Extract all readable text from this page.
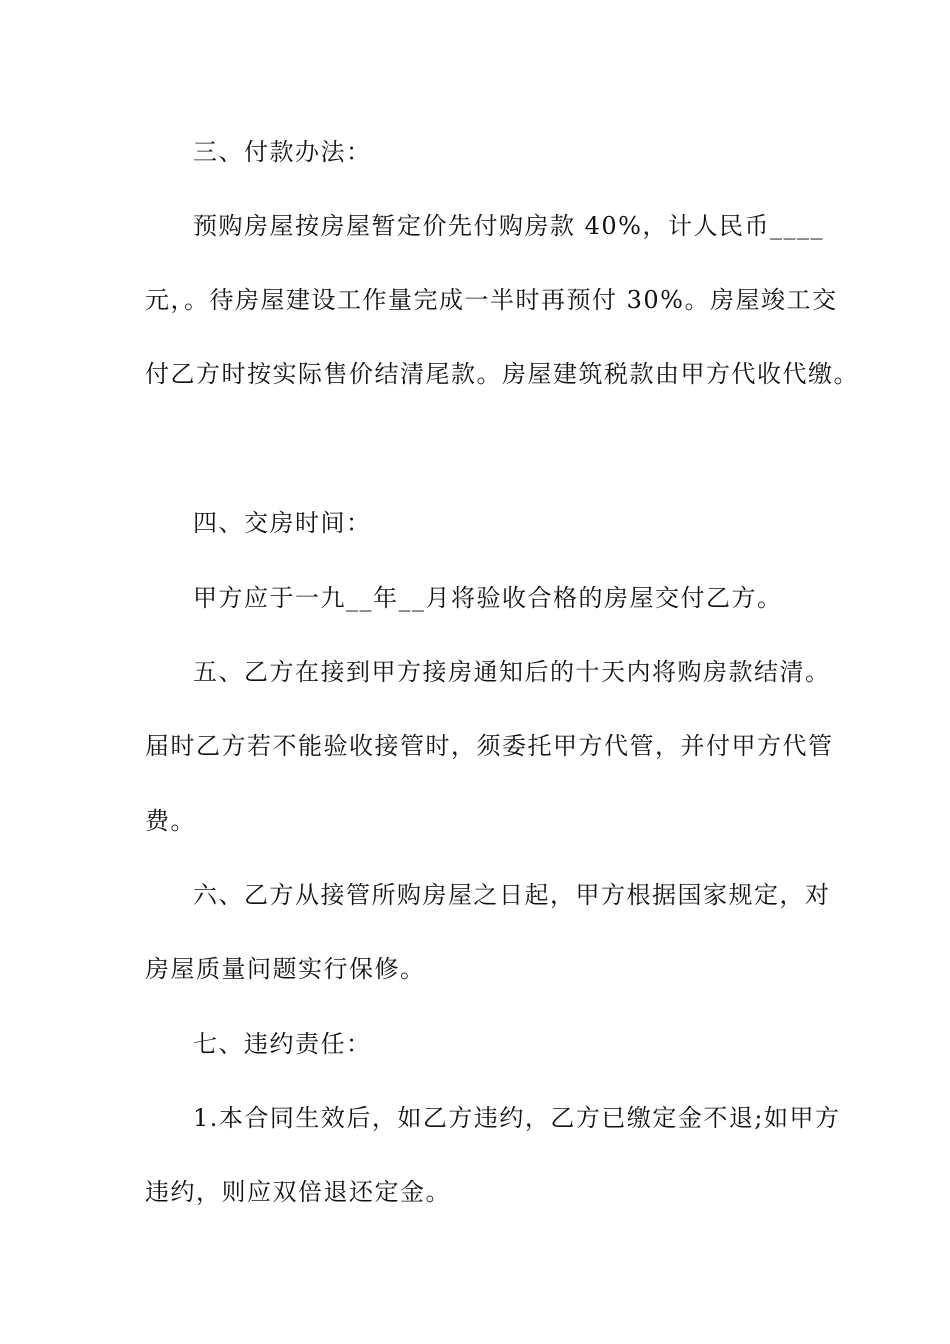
三、付款办法：
预购房屋按房屋暂定价先付购房款 40%，计人民币____
元，。待房屋建设工作量完成一半时再预付 30%。房屋竣工交
付乙方时按实际售价结清尾款。房屋建筑税款由甲方代收代缴。
四、交房时间：
甲方应于一九__年__月将验收合格的房屋交付乙方。
五、乙方在接到甲方接房通知后的十天内将购房款结清。
届时乙方若不能验收接管时，须委托甲方代管，并付甲方代管
费。
六、乙方从接管所购房屋之日起，甲方根据国家规定，对
房屋质量问题实行保修。
七、违约责任：
1.本合同生效后，如乙方违约，乙方已缴定金不退;如甲方
违约，则应双倍退还定金。
